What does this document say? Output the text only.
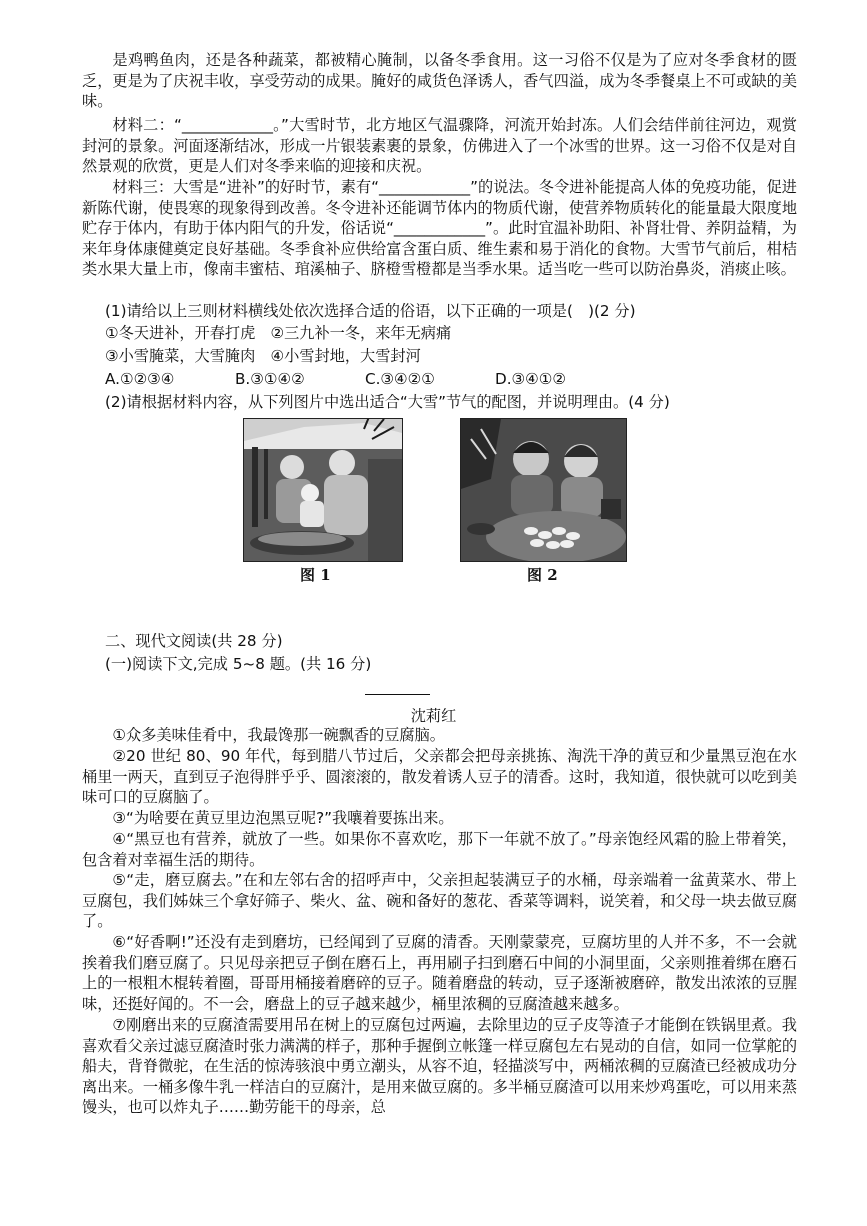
是鸡鸭鱼肉，还是各种蔬菜，都被精心腌制，以备冬季食用。这一习俗不仅是为了应对冬季食材的匮乏，更是为了庆祝丰收，享受劳动的成果。腌好的咸货色泽诱人，香气四溢，成为冬季餐桌上不可或缺的美味。

材料二：“____________。”大雪时节，北方地区气温骤降，河流开始封冻。人们会结伴前往河边，观赏封河的景象。河面逐渐结冰，形成一片银装素裹的景象，仿佛进入了一个冰雪的世界。这一习俗不仅是对自然景观的欣赏，更是人们对冬季来临的迎接和庆祝。

材料三：大雪是“进补”的好时节，素有“____________”的说法。冬令进补能提高人体的免疫功能，促进新陈代谢，使畏寒的现象得到改善。冬令进补还能调节体内的物质代谢，使营养物质转化的能量最大限度地贮存于体内，有助于体内阳气的升发，俗话说“____________”。此时宜温补助阳、补肾壮骨、养阴益精，为来年身体康健奠定良好基础。冬季食补应供给富含蛋白质、维生素和易于消化的食物。大雪节气前后，柑桔类水果大量上市，像南丰蜜桔、琯溪柚子、脐橙雪橙都是当季水果。适当吃一些可以防治鼻炎，消痰止咳。

(1)请给以上三则材料横线处依次选择合适的俗语，以下正确的一项是(　)(2 分)

①冬天进补，开春打虎　②三九补一冬，来年无病痛

③小雪腌菜，大雪腌肉　④小雪封地，大雪封河

A.①②③④	B.③①④②	C.③④②①	D.③④①②

(2)请根据材料内容，从下列图片中选出适合“大雪”节气的配图，并说明理由。(4 分)

图 1	图 2

二、现代文阅读(共 28 分)

(一)阅读下文,完成 5~8 题。(共 16 分)

沈莉红

①众多美味佳肴中，我最馋那一碗飘香的豆腐脑。

②20 世纪 80、90 年代，每到腊八节过后，父亲都会把母亲挑拣、淘洗干净的黄豆和少量黑豆泡在水桶里一两天，直到豆子泡得胖乎乎、圆滚滚的，散发着诱人豆子的清香。这时，我知道，很快就可以吃到美味可口的豆腐脑了。

③“为啥要在黄豆里边泡黑豆呢?”我嚷着要拣出来。

④“黑豆也有营养，就放了一些。如果你不喜欢吃，那下一年就不放了。”母亲饱经风霜的脸上带着笑，包含着对幸福生活的期待。

⑤“走，磨豆腐去。”在和左邻右舍的招呼声中，父亲担起装满豆子的水桶，母亲端着一盆黄菜水、带上豆腐包，我们姊妹三个拿好筛子、柴火、盆、碗和备好的葱花、香菜等调料，说笑着，和父母一块去做豆腐了。

⑥“好香啊!”还没有走到磨坊，已经闻到了豆腐的清香。天刚蒙蒙亮，豆腐坊里的人并不多，不一会就挨着我们磨豆腐了。只见母亲把豆子倒在磨石上，再用刷子扫到磨石中间的小洞里面，父亲则推着绑在磨石上的一根粗木棍转着圈，哥哥用桶接着磨碎的豆子。随着磨盘的转动，豆子逐渐被磨碎，散发出浓浓的豆腥味，还挺好闻的。不一会，磨盘上的豆子越来越少，桶里浓稠的豆腐渣越来越多。

⑦刚磨出来的豆腐渣需要用吊在树上的豆腐包过两遍，去除里边的豆子皮等渣子才能倒在铁锅里煮。我喜欢看父亲过滤豆腐渣时张力满满的样子，那种手握倒立帐篷一样豆腐包左右晃动的自信，如同一位掌舵的船夫，背脊微驼，在生活的惊涛骇浪中勇立潮头，从容不迫，轻描淡写中，两桶浓稠的豆腐渣已经被成功分离出来。一桶多像牛乳一样洁白的豆腐汁，是用来做豆腐的。多半桶豆腐渣可以用来炒鸡蛋吃，可以用来蒸馒头，也可以炸丸子……勤劳能干的母亲，总
